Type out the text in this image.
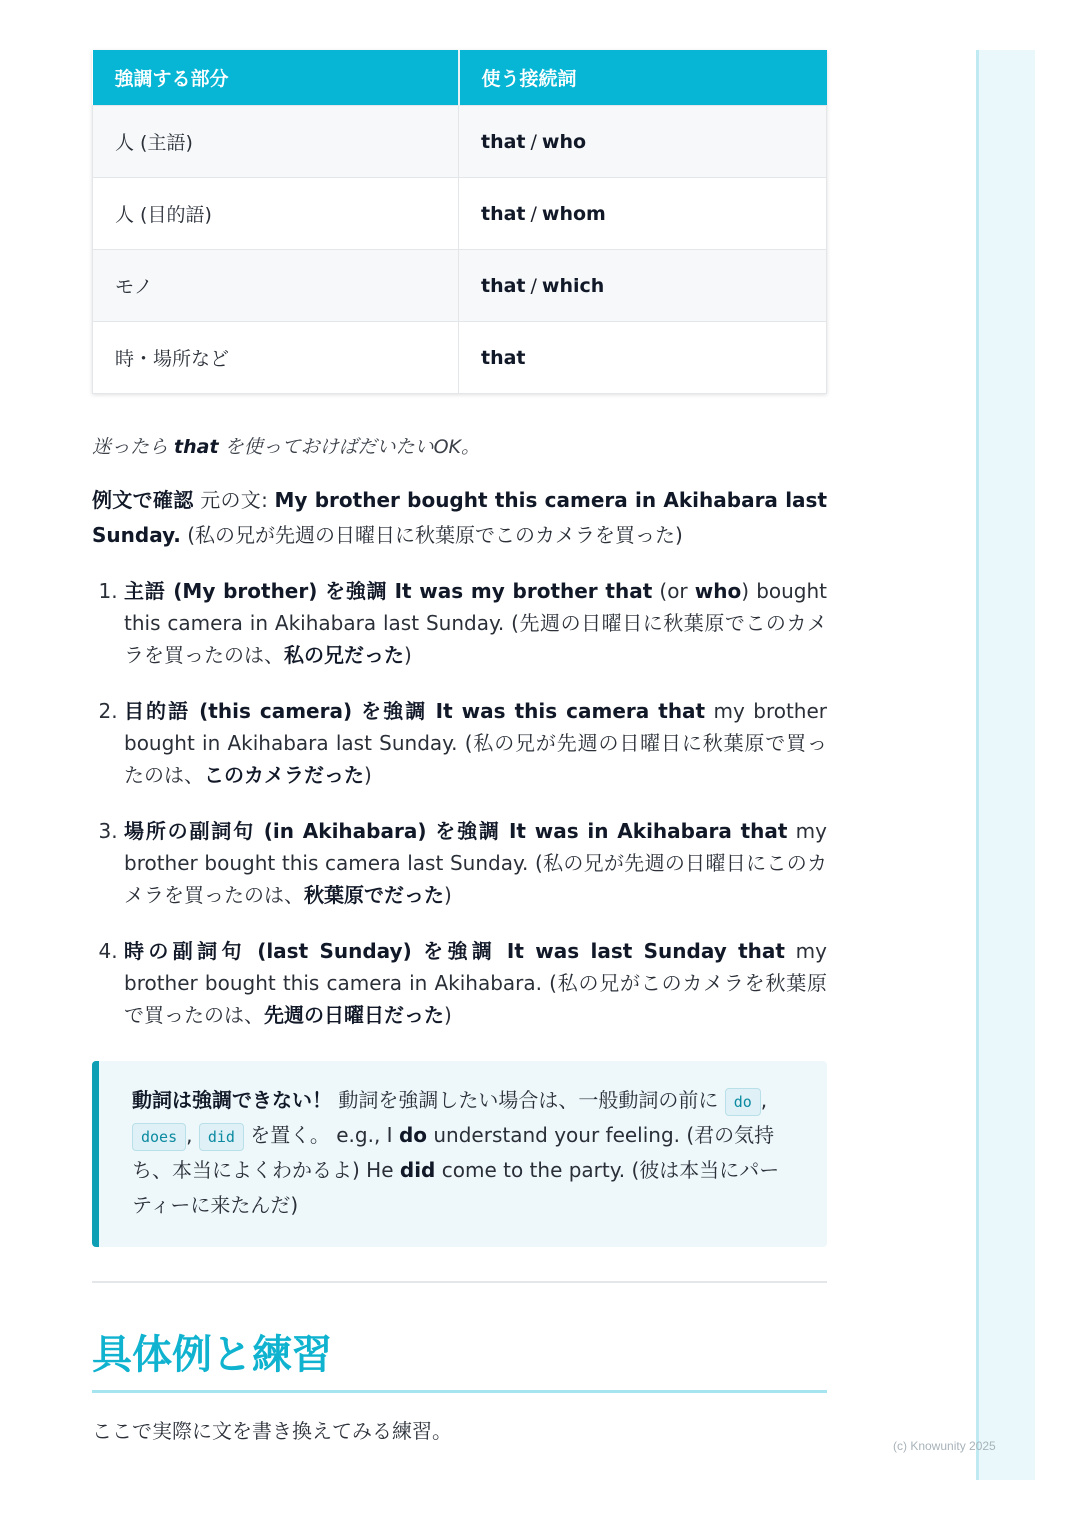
(c) Knowunity 2025
強調する部分	使う接続詞
人 (主語)	that / who
人 (目的語)	that / whom
モノ	that / which
時・場所など	that
迷ったら that を使っておけばだいたいOK。
例文で確認 元の文: My brother bought this camera in Akihabara last Sunday. (私の兄が先週の日曜日に秋葉原でこのカメラを買った)
1. 主語 (My brother) を強調 It was my brother that (or who) bought this camera in Akihabara last Sunday. (先週の日曜日に秋葉原でこのカメラを買ったのは、私の兄だった)
2. 目的語 (this camera) を強調 It was this camera that my brother bought in Akihabara last Sunday. (私の兄が先週の日曜日に秋葉原で買ったのは、このカメラだった)
3. 場所の副詞句 (in Akihabara) を強調 It was in Akihabara that my brother bought this camera last Sunday. (私の兄が先週の日曜日にこのカメラを買ったのは、秋葉原でだった)
4. 時の副詞句 (last Sunday) を強調 It was last Sunday that my brother bought this camera in Akihabara. (私の兄がこのカメラを秋葉原で買ったのは、先週の日曜日だった)
動詞は強調できない！ 動詞を強調したい場合は、一般動詞の前に do , does , did を置く。 e.g., I do understand your feeling. (君の気持ち、本当によくわかるよ) He did come to the party. (彼は本当にパーティーに来たんだ)
具体例と練習
ここで実際に文を書き換えてみる練習。
